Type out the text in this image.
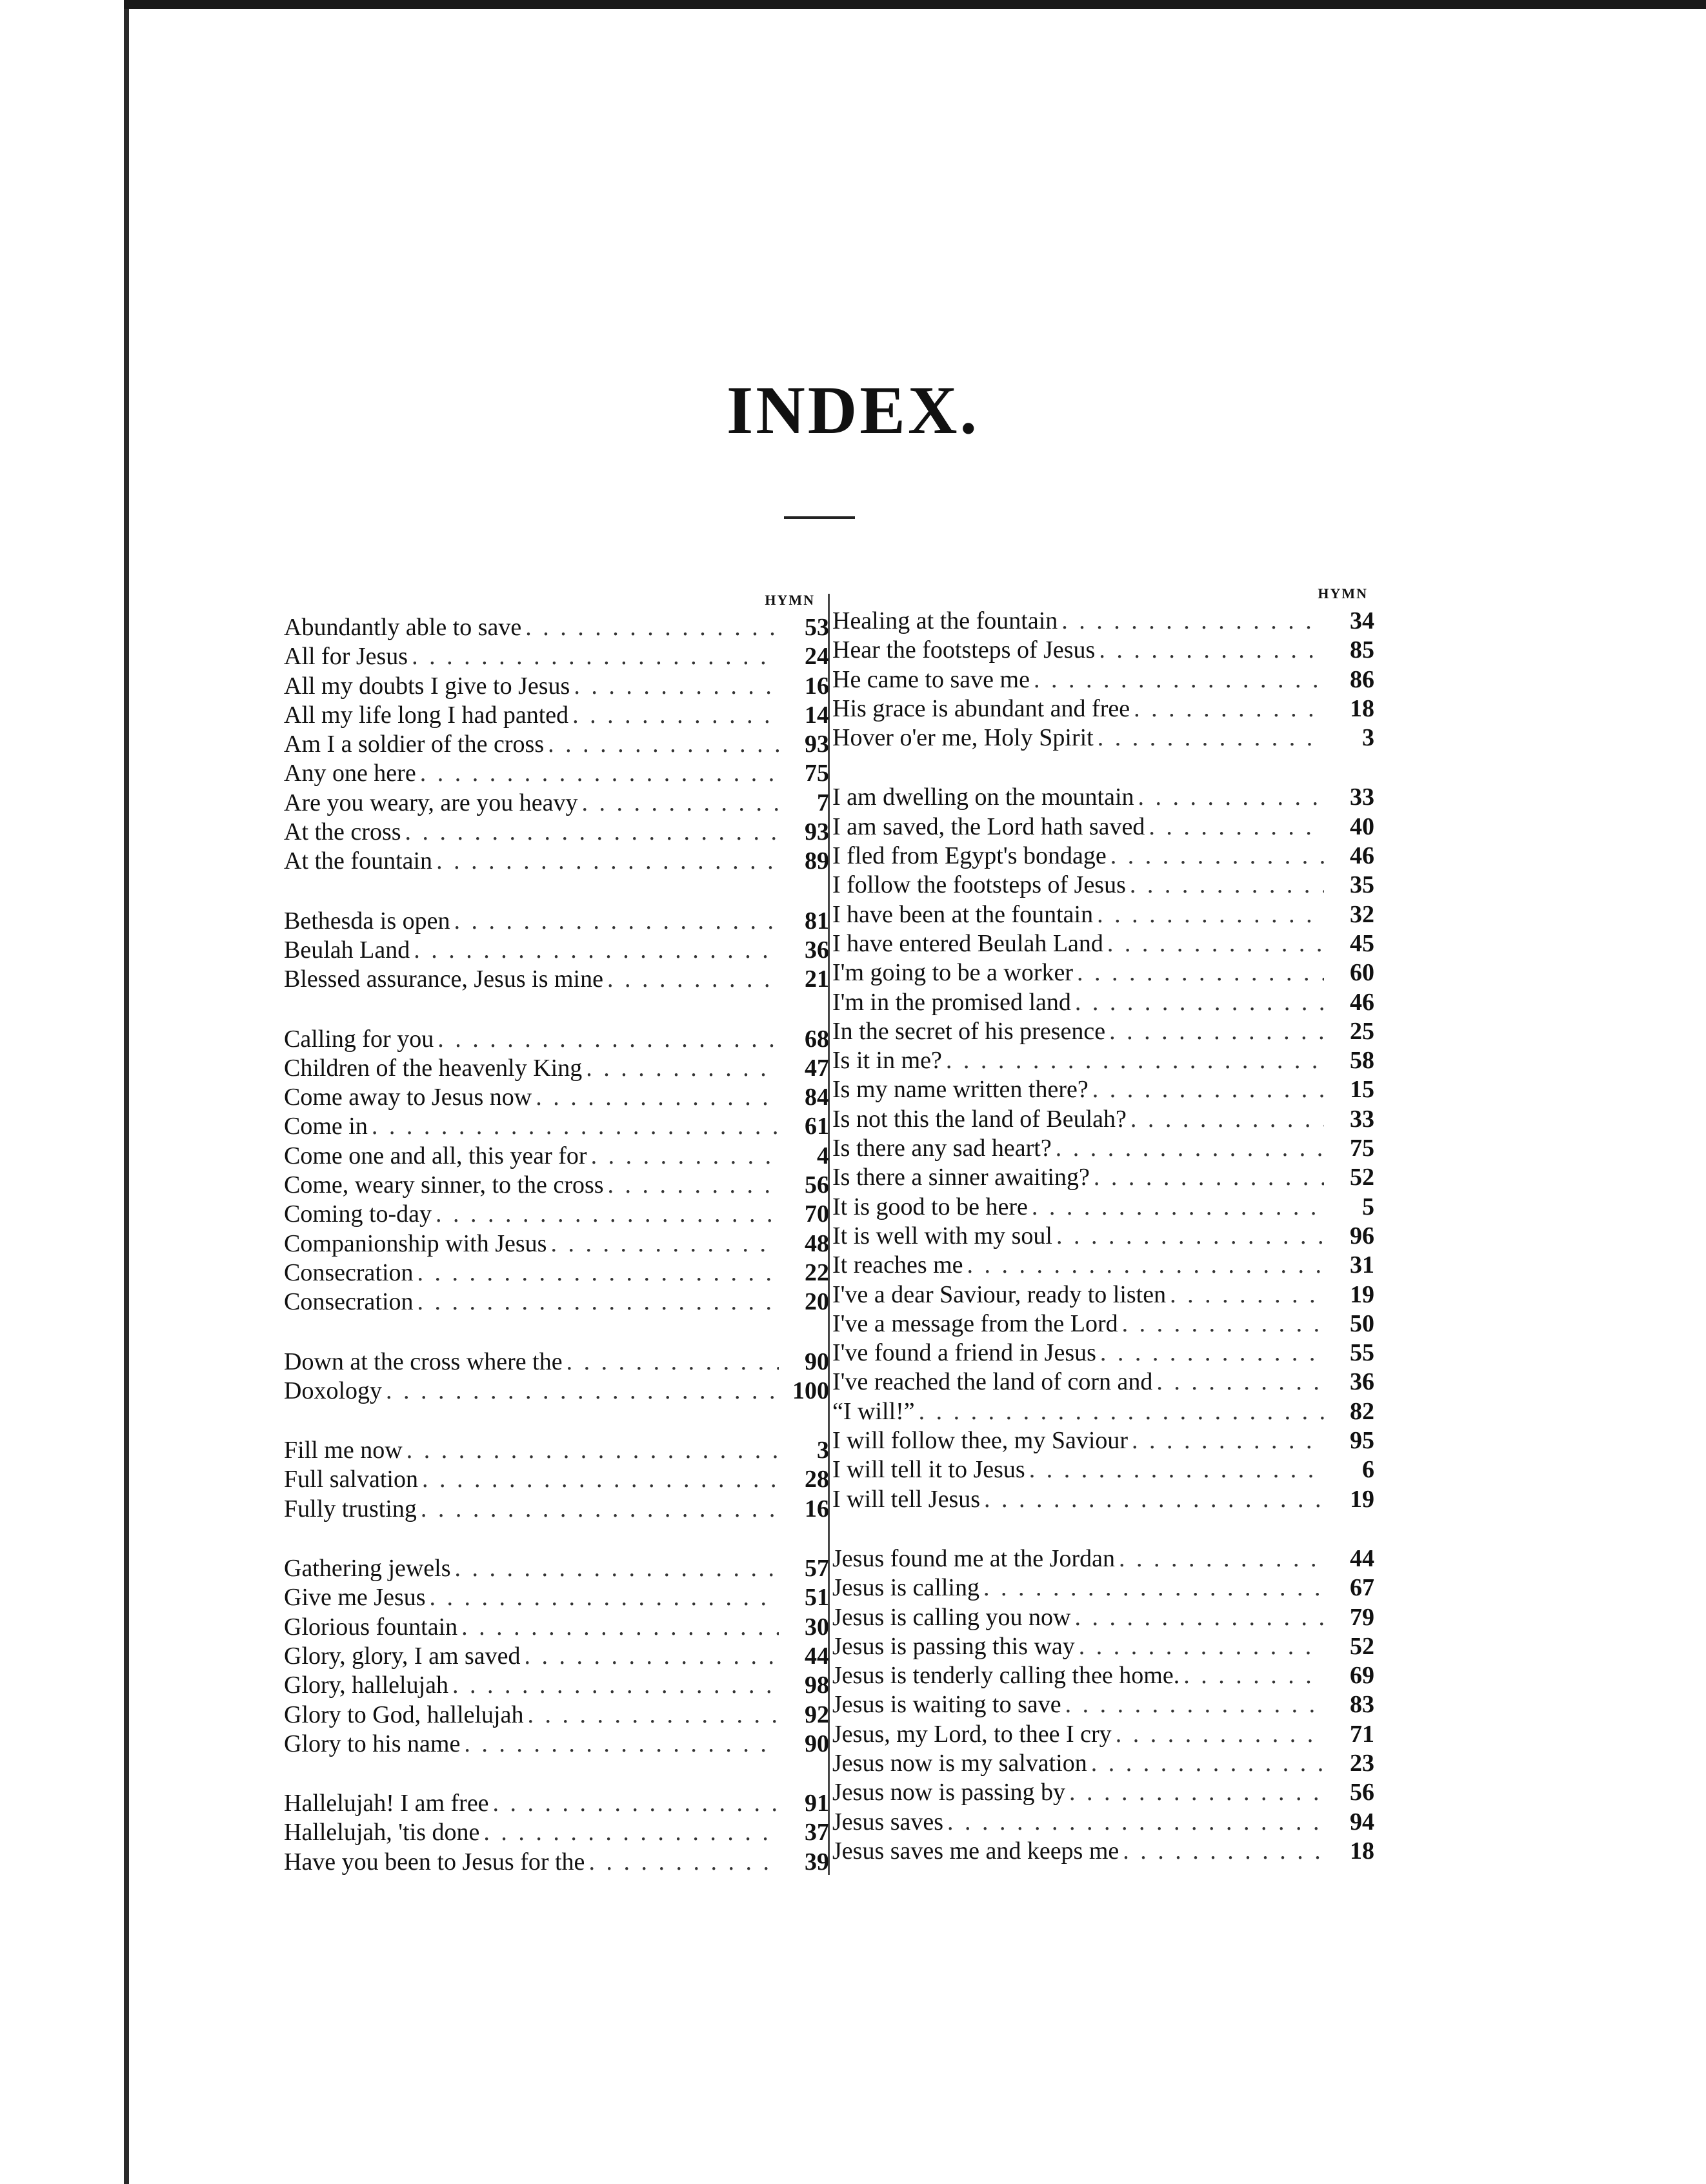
INDEX.
HYMN
Abundantly able to save . . .	53
All for Jesus . . .	24
All my doubts I give to Jesus . . .	16
All my life long I had panted . . .	14
Am I a soldier of the cross . . .	93
Any one here . . .	75
Are you weary, are you heavy . . .	7
At the cross . . .	93
At the fountain . . .	89
Bethesda is open . . .	81
Beulah Land . . .	36
Blessed assurance, Jesus is mine . . .	21
Calling for you . . .	68
Children of the heavenly King . . .	47
Come away to Jesus now . . .	84
Come in . . .	61
Come one and all, this year for . . .	4
Come, weary sinner, to the cross . . .	56
Coming to-day . . .	70
Companionship with Jesus . . .	48
Consecration . . .	22
Consecration . . .	20
Down at the cross where the . . .	90
Doxology . . .	100
Fill me now . . .	3
Full salvation . . .	28
Fully trusting . . .	16
Gathering jewels . . .	57
Give me Jesus . . .	51
Glorious fountain . . .	30
Glory, glory, I am saved . . .	44
Glory, hallelujah . . .	98
Glory to God, hallelujah . . .	92
Glory to his name . . .	90
Hallelujah! I am free . . .	91
Hallelujah, 'tis done . . .	37
Have you been to Jesus for the . . .	39
HYMN
Healing at the fountain . . .	34
Hear the footsteps of Jesus . . .	85
He came to save me . . .	86
His grace is abundant and free . . .	18
Hover o'er me, Holy Spirit . . .	3
I am dwelling on the mountain . . .	33
I am saved, the Lord hath saved . . .	40
I fled from Egypt's bondage . . .	46
I follow the footsteps of Jesus . . .	35
I have been at the fountain . . .	32
I have entered Beulah Land . . .	45
I'm going to be a worker . . .	60
I'm in the promised land . . .	46
In the secret of his presence . . .	25
Is it in me? . . .	58
Is my name written there? . . .	15
Is not this the land of Beulah? . . .	33
Is there any sad heart? . . .	75
Is there a sinner awaiting? . . .	52
It is good to be here . . .	5
It is well with my soul . . .	96
It reaches me . . .	31
I've a dear Saviour, ready to listen . . .	19
I've a message from the Lord . . .	50
I've found a friend in Jesus . . .	55
I've reached the land of corn and . . .	36
“I will!” . . .	82
I will follow thee, my Saviour . . .	95
I will tell it to Jesus . . .	6
I will tell Jesus . . .	19
Jesus found me at the Jordan . . .	44
Jesus is calling . . .	67
Jesus is calling you now . . .	79
Jesus is passing this way . . .	52
Jesus is tenderly calling thee home. . . .	69
Jesus is waiting to save . . .	83
Jesus, my Lord, to thee I cry . . .	71
Jesus now is my salvation . . .	23
Jesus now is passing by . . .	56
Jesus saves . . .	94
Jesus saves me and keeps me . . .	18
